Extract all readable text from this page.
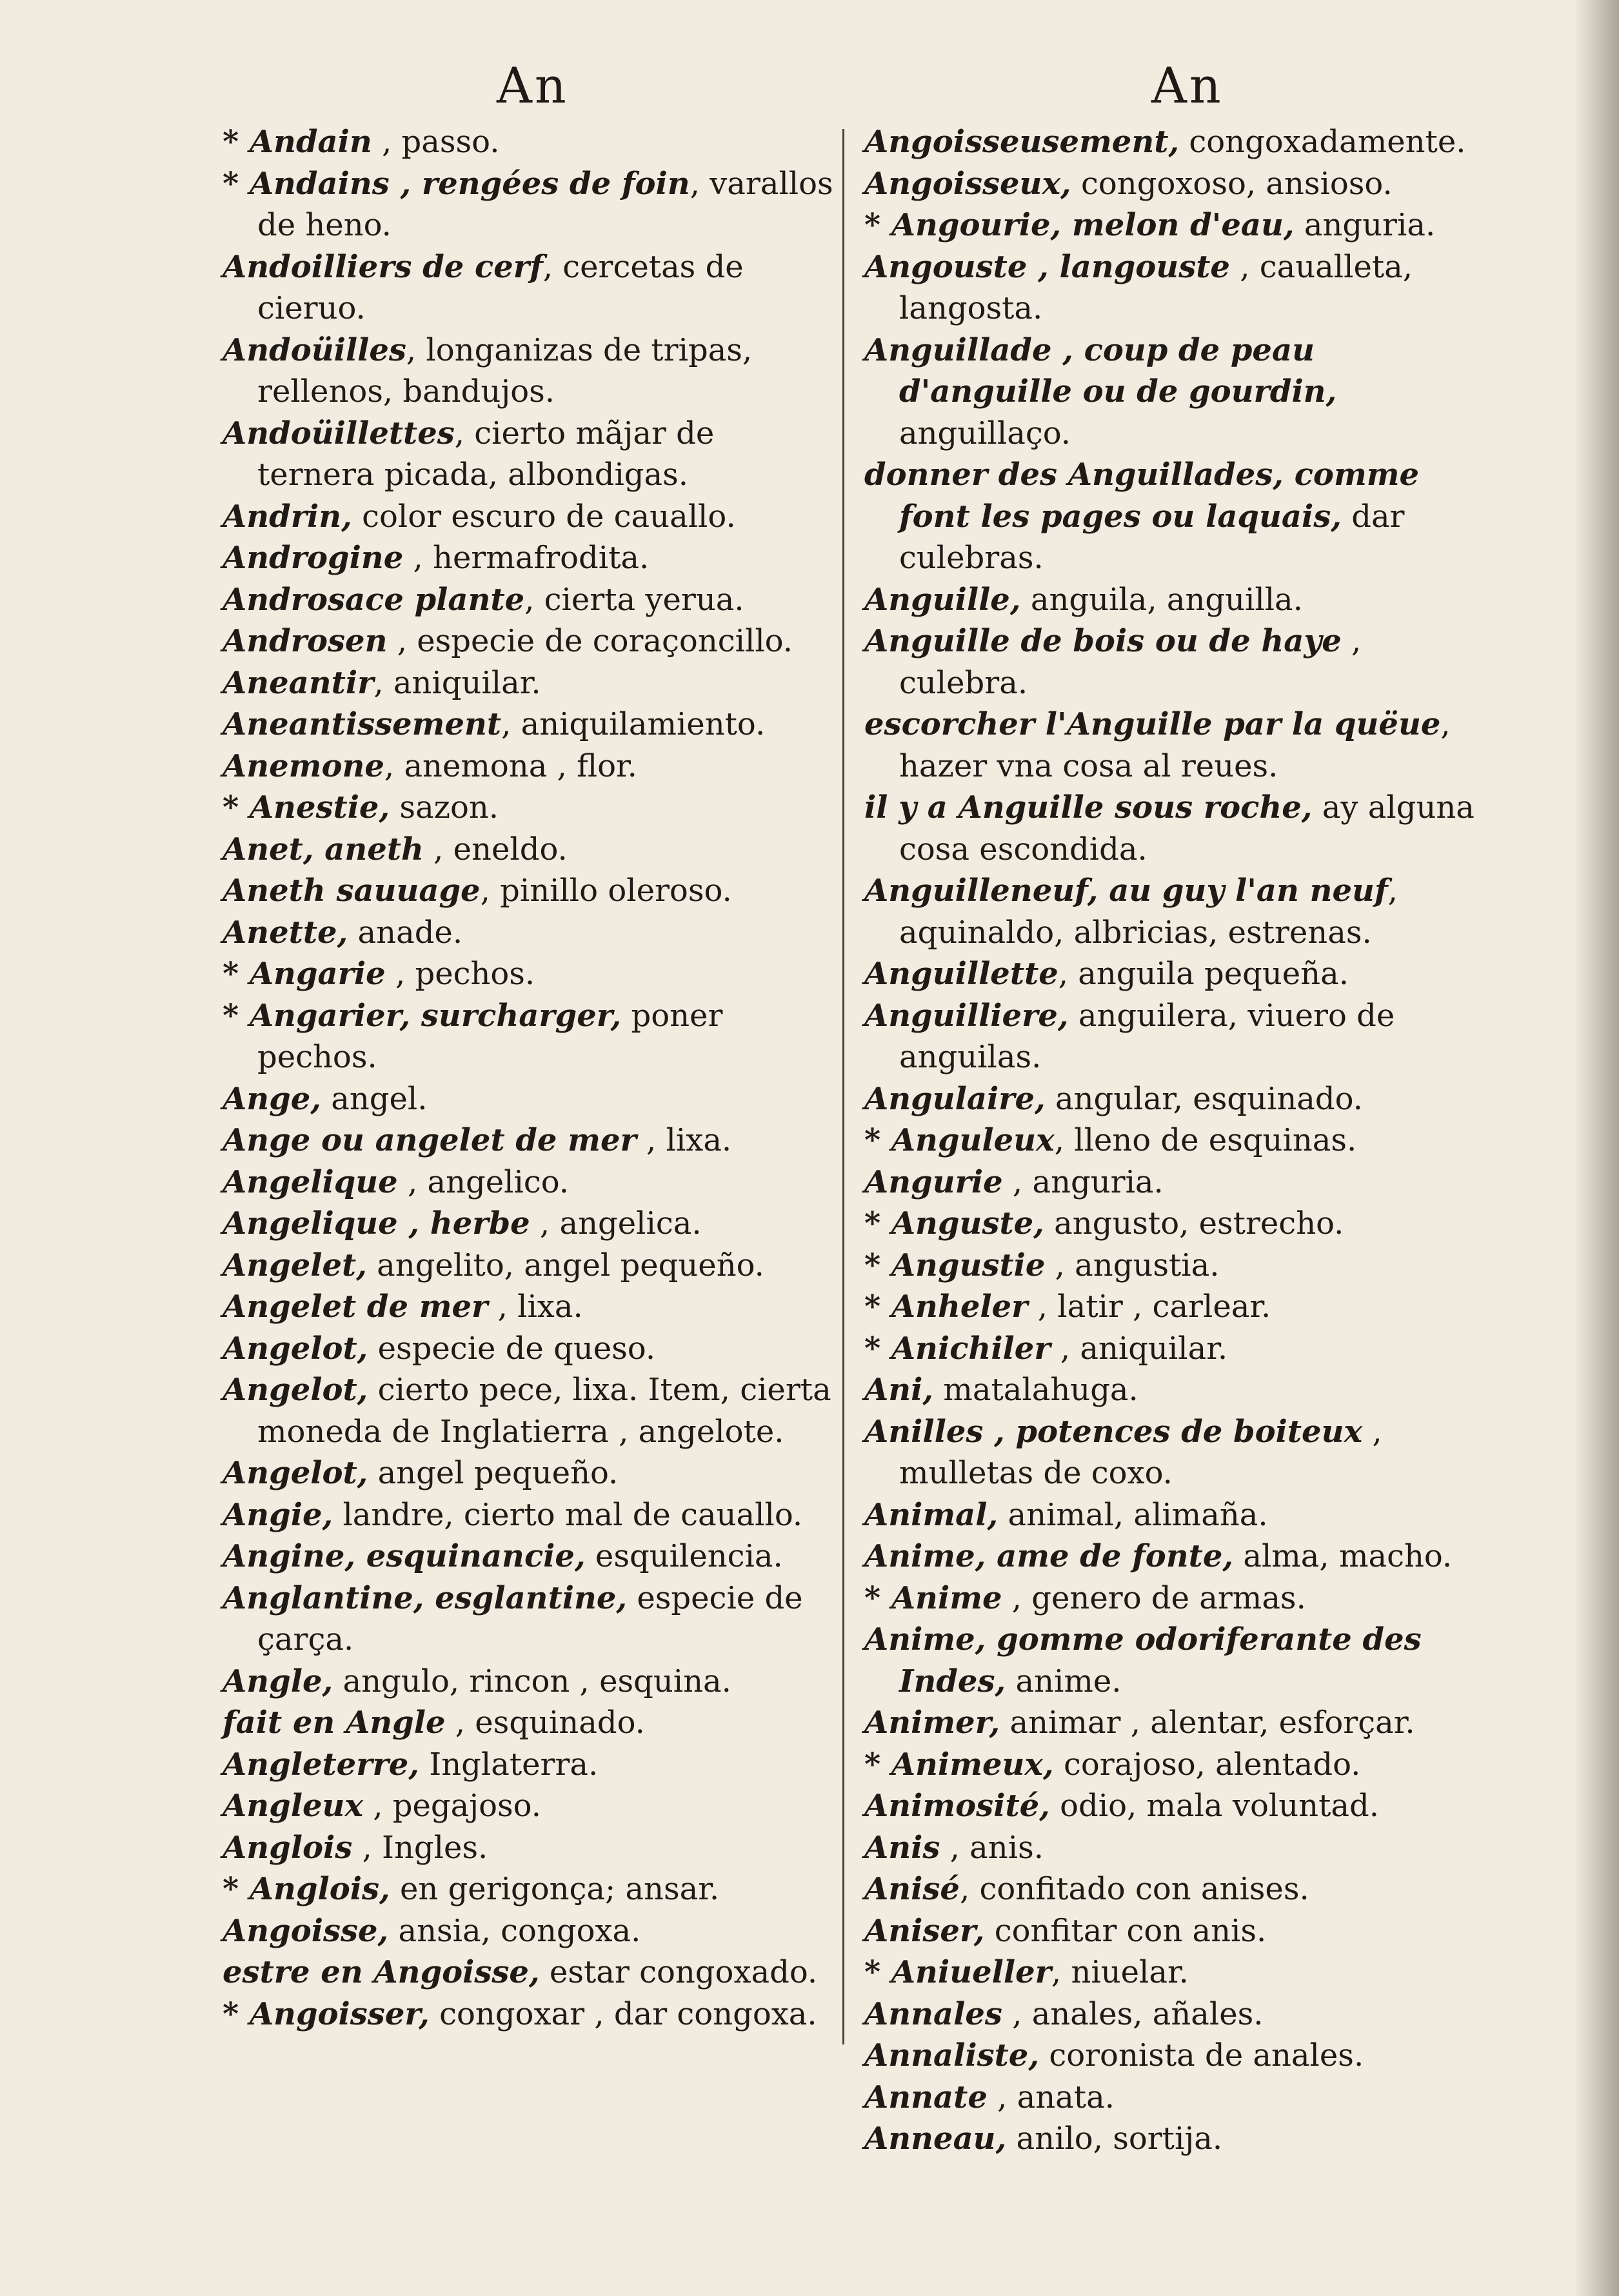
An	An
* Andain , passo.
* Andains , rengées de foin, varallos de heno.
Andoilliers de cerf, cercetas de cieruo.
Andoüilles, longanizas de tripas, rellenos, bandujos.
Andoüillettes, cierto mãjar de ternera picada, albondigas.
Andrin, color escuro de cauallo.
Androgine , hermafrodita.
Androsace plante, cierta yerua.
Androsen , especie de coraçoncillo.
Aneantir, aniquilar.
Aneantissement, aniquilamiento.
Anemone, anemona , flor.
* Anestie, sazon.
Anet, aneth , eneldo.
Aneth sauuage, pinillo oleroso.
Anette, anade.
* Angarie , pechos.
* Angarier, surcharger, poner pechos.
Ange, angel.
Ange ou angelet de mer , lixa.
Angelique , angelico.
Angelique , herbe , angelica.
Angelet, angelito, angel pequeño.
Angelet de mer , lixa.
Angelot, especie de queso.
Angelot, cierto pece, lixa. Item, cierta moneda de Inglatierra , angelote.
Angelot, angel pequeño.
Angie, landre, cierto mal de cauallo.
Angine, esquinancie, esquilencia.
Anglantine, esglantine, especie de çarça.
Angle, angulo, rincon , esquina.
fait en Angle , esquinado.
Angleterre, Inglaterra.
Angleux , pegajoso.
Anglois , Ingles.
* Anglois, en gerigonça; ansar.
Angoisse, ansia, congoxa.
estre en Angoisse, estar congoxado.
* Angoisser, congoxar , dar congoxa.
Angoisseusement, congoxadamente.
Angoisseux, congoxoso, ansioso.
* Angourie, melon d'eau, anguria.
Angouste , langouste , caualleta, langosta.
Anguillade , coup de peau d'anguille ou de gourdin, anguillaço.
donner des Anguillades, comme font les pages ou laquais, dar culebras.
Anguille, anguila, anguilla.
Anguille de bois ou de haye , culebra.
escorcher l'Anguille par la quëue, hazer vna cosa al reues.
il y a Anguille sous roche, ay alguna cosa escondida.
Anguilleneuf, au guy l'an neuf, aquinaldo, albricias, estrenas.
Anguillette, anguila pequeña.
Anguilliere, anguilera, viuero de anguilas.
Angulaire, angular, esquinado.
* Anguleux, lleno de esquinas.
Angurie , anguria.
* Anguste, angusto, estrecho.
* Angustie , angustia.
* Anheler , latir , carlear.
* Anichiler , aniquilar.
Ani, matalahuga.
Anilles , potences de boiteux , mulletas de coxo.
Animal, animal, alimaña.
Anime, ame de fonte, alma, macho.
* Anime , genero de armas.
Anime, gomme odoriferante des Indes, anime.
Animer, animar , alentar, esforçar.
* Animeux, corajoso, alentado.
Animosité, odio, mala voluntad.
Anis , anis.
Anisé, confitado con anises.
Aniser, confitar con anis.
* Aniueller, niuelar.
Annales , anales, añales.
Annaliste, coronista de anales.
Annate , anata.
Anneau, anilo, sortija.
